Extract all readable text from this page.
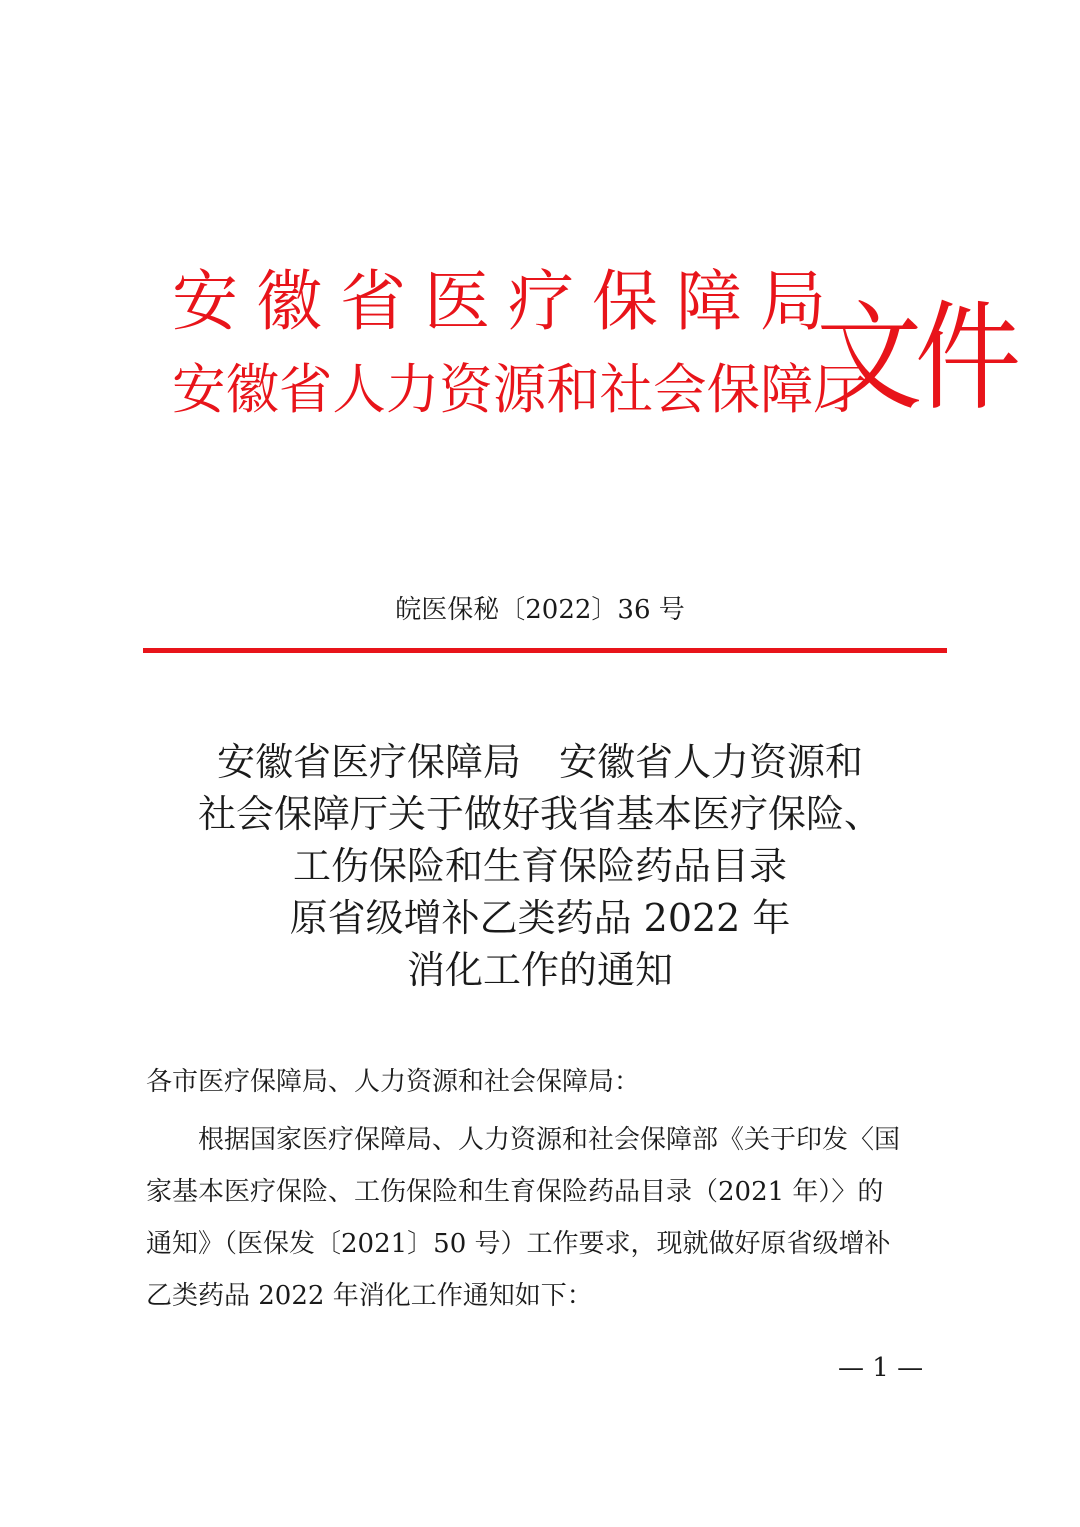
安徽省医疗保障局
安徽省人力资源和社会保障厅
文件
皖医保秘〔2022〕36 号
安徽省医疗保障局　安徽省人力资源和
社会保障厅关于做好我省基本医疗保险、
工伤保险和生育保险药品目录
原省级增补乙类药品 2022 年
消化工作的通知
各市医疗保障局、人力资源和社会保障局：
　　根据国家医疗保障局、人力资源和社会保障部《关于印发〈国
家基本医疗保险、工伤保险和生育保险药品目录（2021 年）〉的
通知》（医保发〔2021〕50 号）工作要求，现就做好原省级增补
乙类药品 2022 年消化工作通知如下：
— 1 —
